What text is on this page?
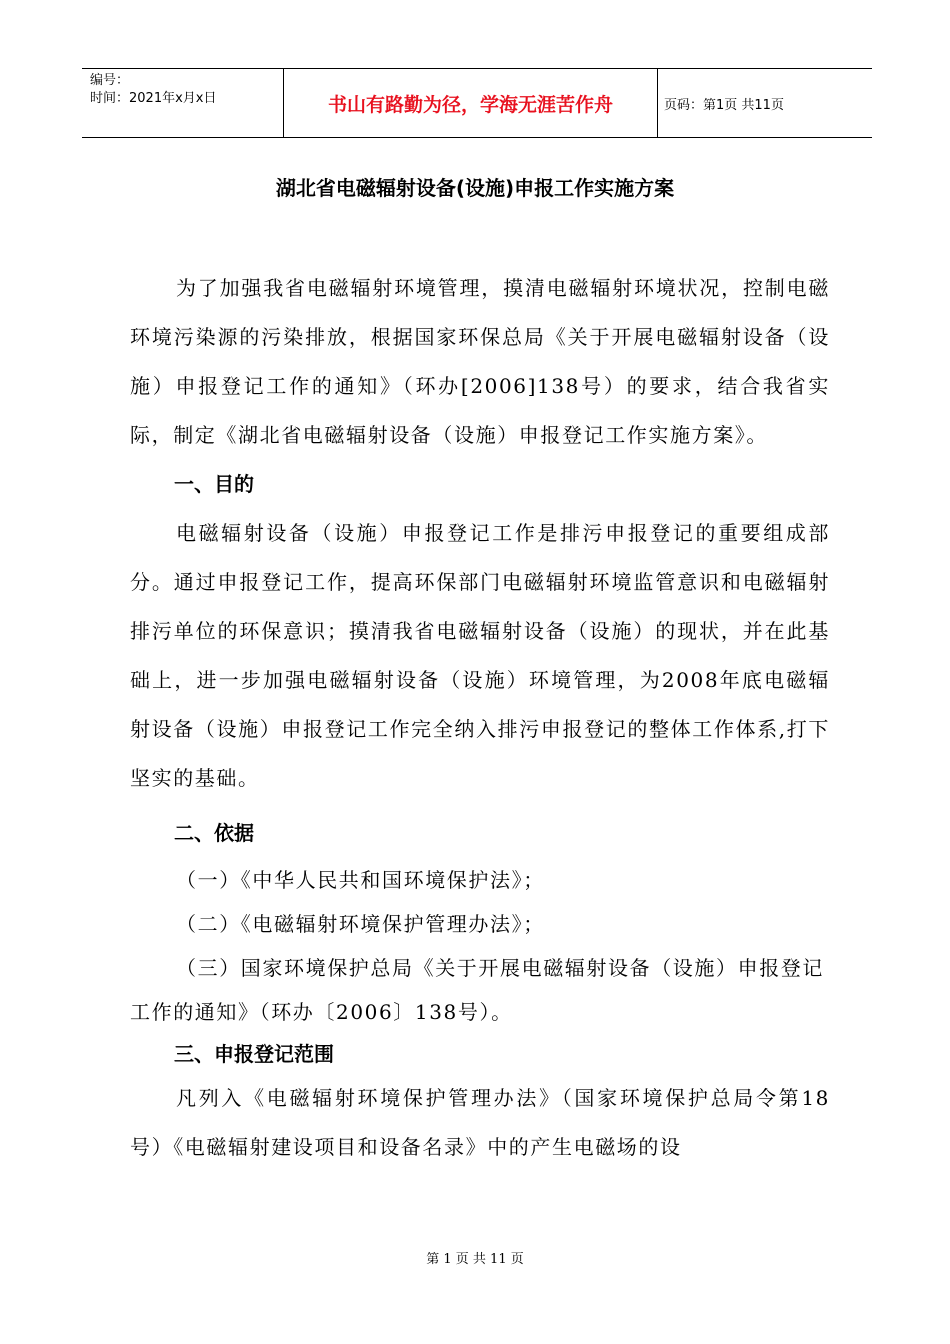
编号：
时间：2021年x月x日	书山有路勤为径，学海无涯苦作舟	页码：第1页 共11页
湖北省电磁辐射设备(设施)申报工作实施方案

为了加强我省电磁辐射环境管理，摸清电磁辐射环境状况，控制电磁环境污染源的污染排放，根据国家环保总局《关于开展电磁辐射设备（设施）申报登记工作的通知》（环办[2006]138号）的要求，结合我省实际，制定《湖北省电磁辐射设备（设施）申报登记工作实施方案》。

一、目的

电磁辐射设备（设施）申报登记工作是排污申报登记的重要组成部分。通过申报登记工作，提高环保部门电磁辐射环境监管意识和电磁辐射排污单位的环保意识；摸清我省电磁辐射设备（设施）的现状，并在此基础上，进一步加强电磁辐射设备（设施）环境管理，为2008年底电磁辐射设备（设施）申报登记工作完全纳入排污申报登记的整体工作体系,打下坚实的基础。

二、依据

（一）《中华人民共和国环境保护法》；

（二）《电磁辐射环境保护管理办法》；

（三）国家环境保护总局《关于开展电磁辐射设备（设施）申报登记工作的通知》（环办〔2006〕138号）。

三、申报登记范围

凡列入《电磁辐射环境保护管理办法》（国家环境保护总局令第18号）《电磁辐射建设项目和设备名录》中的产生电磁场的设

第 1 页 共 11 页
